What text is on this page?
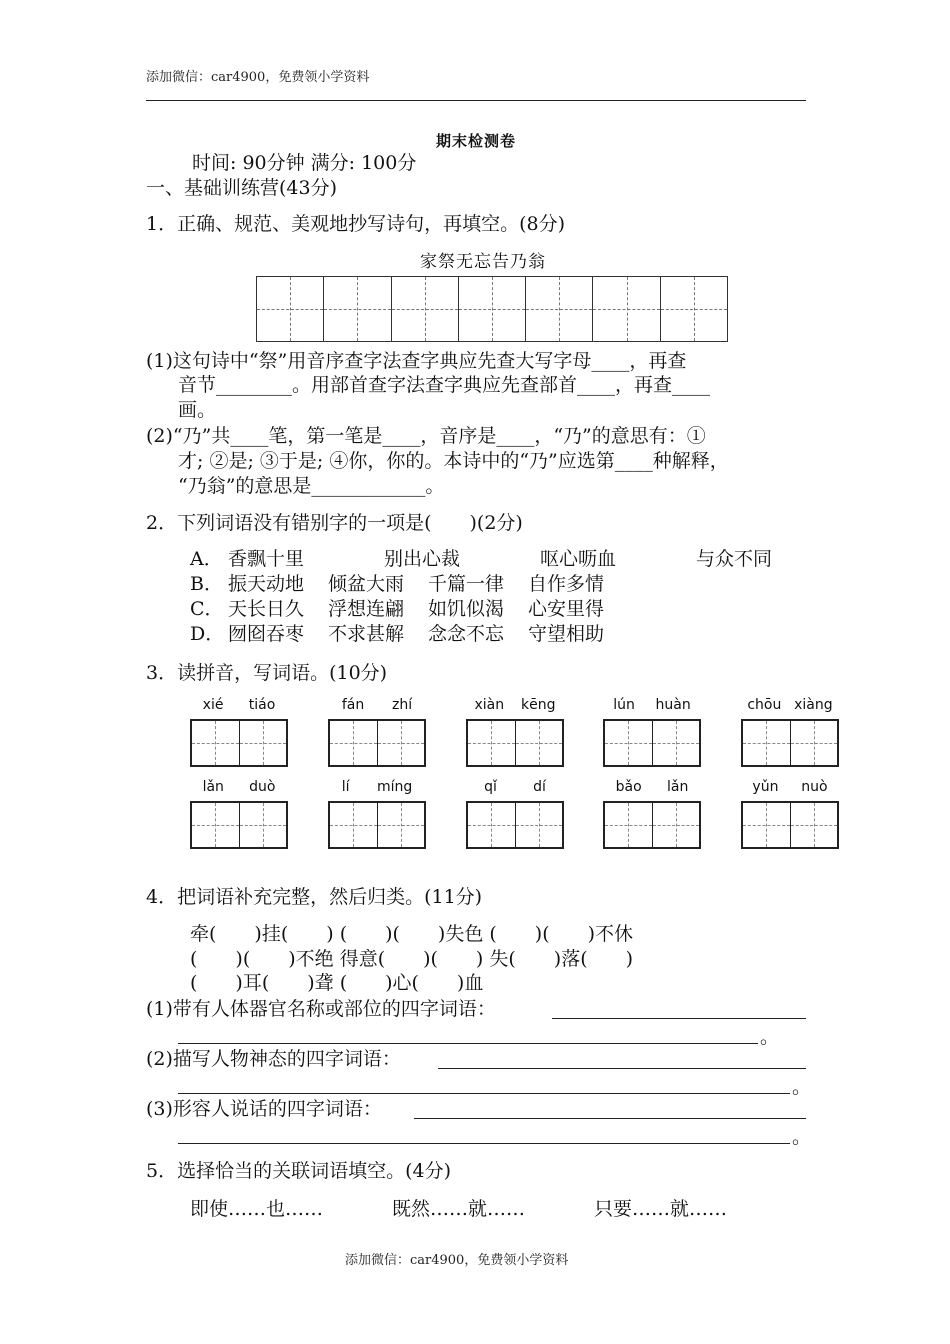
添加微信：car4900，免费领小学资料
期末检测卷
时间: 90分钟 满分: 100分
一、基础训练营(43分)
1．正确、规范、美观地抄写诗句，再填空。(8分)
家祭无忘告乃翁
(1)这句诗中“祭”用音序查字法查字典应先查大写字母____，再查
音节________。用部首查字法查字典应先查部首____，再查____
画。
(2)“乃”共____笔，第一笔是____，音序是____，“乃”的意思有：①
才; ②是; ③于是; ④你，你的。本诗中的“乃”应选第____种解释，
“乃翁”的意思是____________。
2．下列词语没有错别字的一项是(　　)(2分)
A． 香飘十里	别出心裁	呕心呖血	与众不同
B． 振天动地 倾盆大雨 千篇一律 自作多情
C． 天长日久 浮想连翩 如饥似渴 心安里得
D． 囫囵吞枣 不求甚解 念念不忘 守望相助
3．读拼音，写词语。(10分)
xié tiáo	fán zhí	xiàn kēng	lún huàn	chōu xiàng
lǎn duò	lí míng	qǐ	dí	bǎo lǎn	yǔn nuò
4．把词语补充完整，然后归类。(11分)
牵(　　)挂(　　) (　　)(　　)失色 (　　)(　　)不休
(　　)(　　)不绝 得意(　　)(　　) 失(　　)落(　　)
(　　)耳(　　)聋 (　　)心(　　)血
(1)带有人体器官名称或部位的四字词语：
。
(2)描写人物神态的四字词语：
。
(3)形容人说话的四字词语：
。
5．选择恰当的关联词语填空。(4分)
即使……也……	既然……就……	只要……就……
添加微信：car4900，免费领小学资料
